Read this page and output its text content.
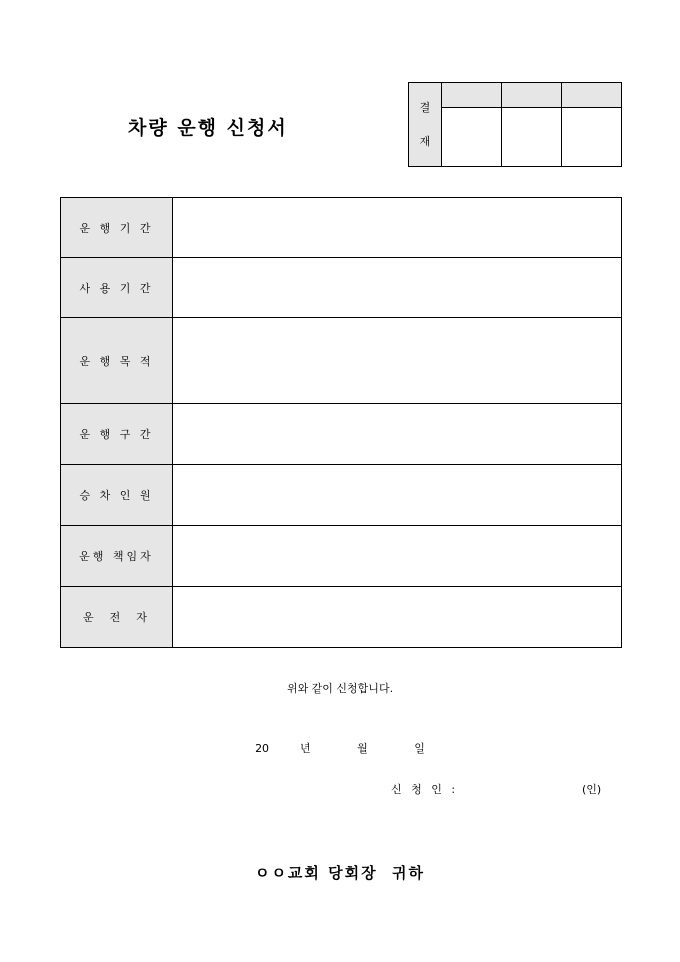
차량 운행 신청서
결
재			

운 행 기 간	
사 용 기 간	
운 행 목 적	
운 행 구 간	
승 차 인 원	
운행 책임자	
운  전  자	
위와 같이 신청합니다.
20  년   월   일
신 청 인 :	(인)
ㅇㅇ교회 당회장  귀하
